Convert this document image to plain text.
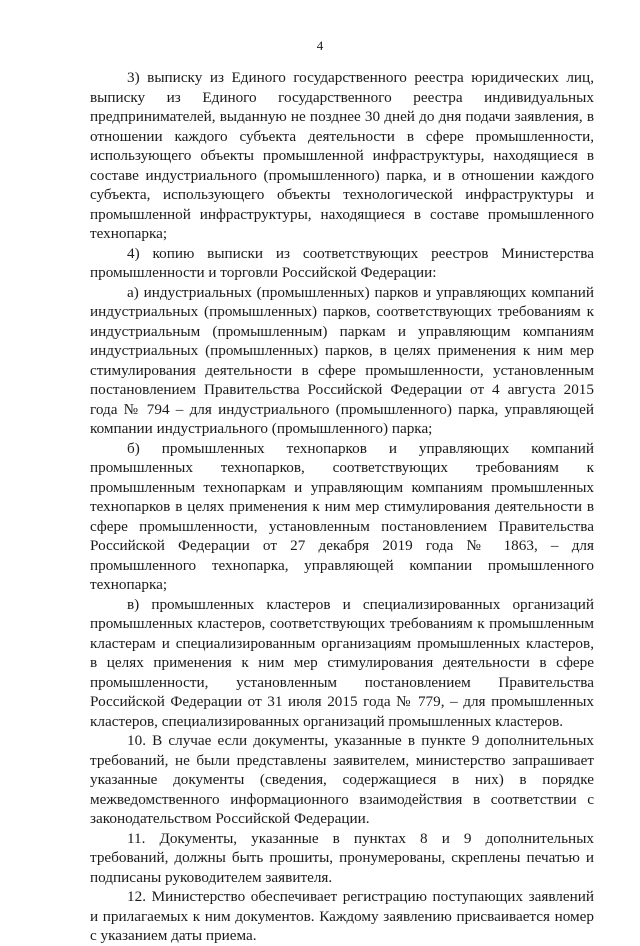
4

3) выписку из Единого государственного реестра юридических лиц, выписку из Единого государственного реестра индивидуальных предпринимателей, выданную не позднее 30 дней до дня подачи заявления, в отношении каждого субъекта деятельности в сфере промышленности, использующего объекты промышленной инфраструктуры, находящиеся в составе индустриального (промышленного) парка, и в отношении каждого субъекта, использующего объекты технологической инфраструктуры и промышленной инфраструктуры, находящиеся в составе промышленного технопарка;

4) копию выписки из соответствующих реестров Министерства промышленности и торговли Российской Федерации:

а) индустриальных (промышленных) парков и управляющих компаний индустриальных (промышленных) парков, соответствующих требованиям к индустриальным (промышленным) паркам и управляющим компаниям индустриальных (промышленных) парков, в целях применения к ним мер стимулирования деятельности в сфере промышленности, установленным постановлением Правительства Российской Федерации от 4 августа 2015 года № 794 – для индустриального (промышленного) парка, управляющей компании индустриального (промышленного) парка;

б) промышленных технопарков и управляющих компаний промышленных технопарков, соответствующих требованиям к промышленным технопаркам и управляющим компаниям промышленных технопарков в целях применения к ним мер стимулирования деятельности в сфере промышленности, установленным постановлением Правительства Российской Федерации от 27 декабря 2019 года № 1863, – для промышленного технопарка, управляющей компании промышленного технопарка;

в) промышленных кластеров и специализированных организаций промышленных кластеров, соответствующих требованиям к промышленным кластерам и специализированным организациям промышленных кластеров, в целях применения к ним мер стимулирования деятельности в сфере промышленности, установленным постановлением Правительства Российской Федерации от 31 июля 2015 года № 779, – для промышленных кластеров, специализированных организаций промышленных кластеров.

10. В случае если документы, указанные в пункте 9 дополнительных требований, не были представлены заявителем, министерство запрашивает указанные документы (сведения, содержащиеся в них) в порядке межведомственного информационного взаимодействия в соответствии с законодательством Российской Федерации.

11. Документы, указанные в пунктах 8 и 9 дополнительных требований, должны быть прошиты, пронумерованы, скреплены печатью и подписаны руководителем заявителя.

12. Министерство обеспечивает регистрацию поступающих заявлений и прилагаемых к ним документов. Каждому заявлению присваивается номер с указанием даты приема.
